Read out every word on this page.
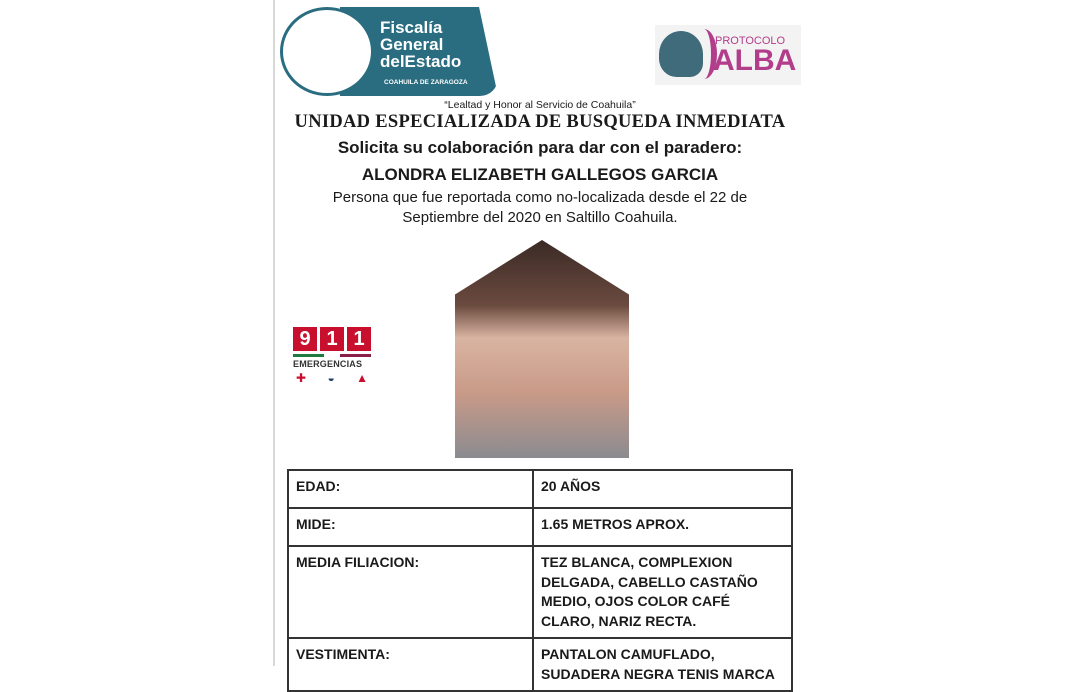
Fiscalía
General
delEstado
COAHUILA DE ZARAGOZA
PROTOCOLO
ALBA
“Lealtad y Honor al Servicio de Coahuila”
UNIDAD ESPECIALIZADA DE BUSQUEDA INMEDIATA
Solicita su colaboración para dar con el paradero:
ALONDRA ELIZABETH GALLEGOS GARCIA
Persona que fue reportada como no-localizada desde el 22 de
Septiembre del 2020 en Saltillo Coahuila.
9 1 1
EMERGENCIAS
✚ ◒ ▲
EDAD:	20 AÑOS
MIDE:	1.65 METROS APROX.
MEDIA FILIACION:	TEZ BLANCA, COMPLEXION DELGADA, CABELLO CASTAÑO MEDIO, OJOS COLOR CAFÉ CLARO, NARIZ RECTA.
VESTIMENTA:	PANTALON CAMUFLADO, SUDADERA NEGRA TENIS MARCA
